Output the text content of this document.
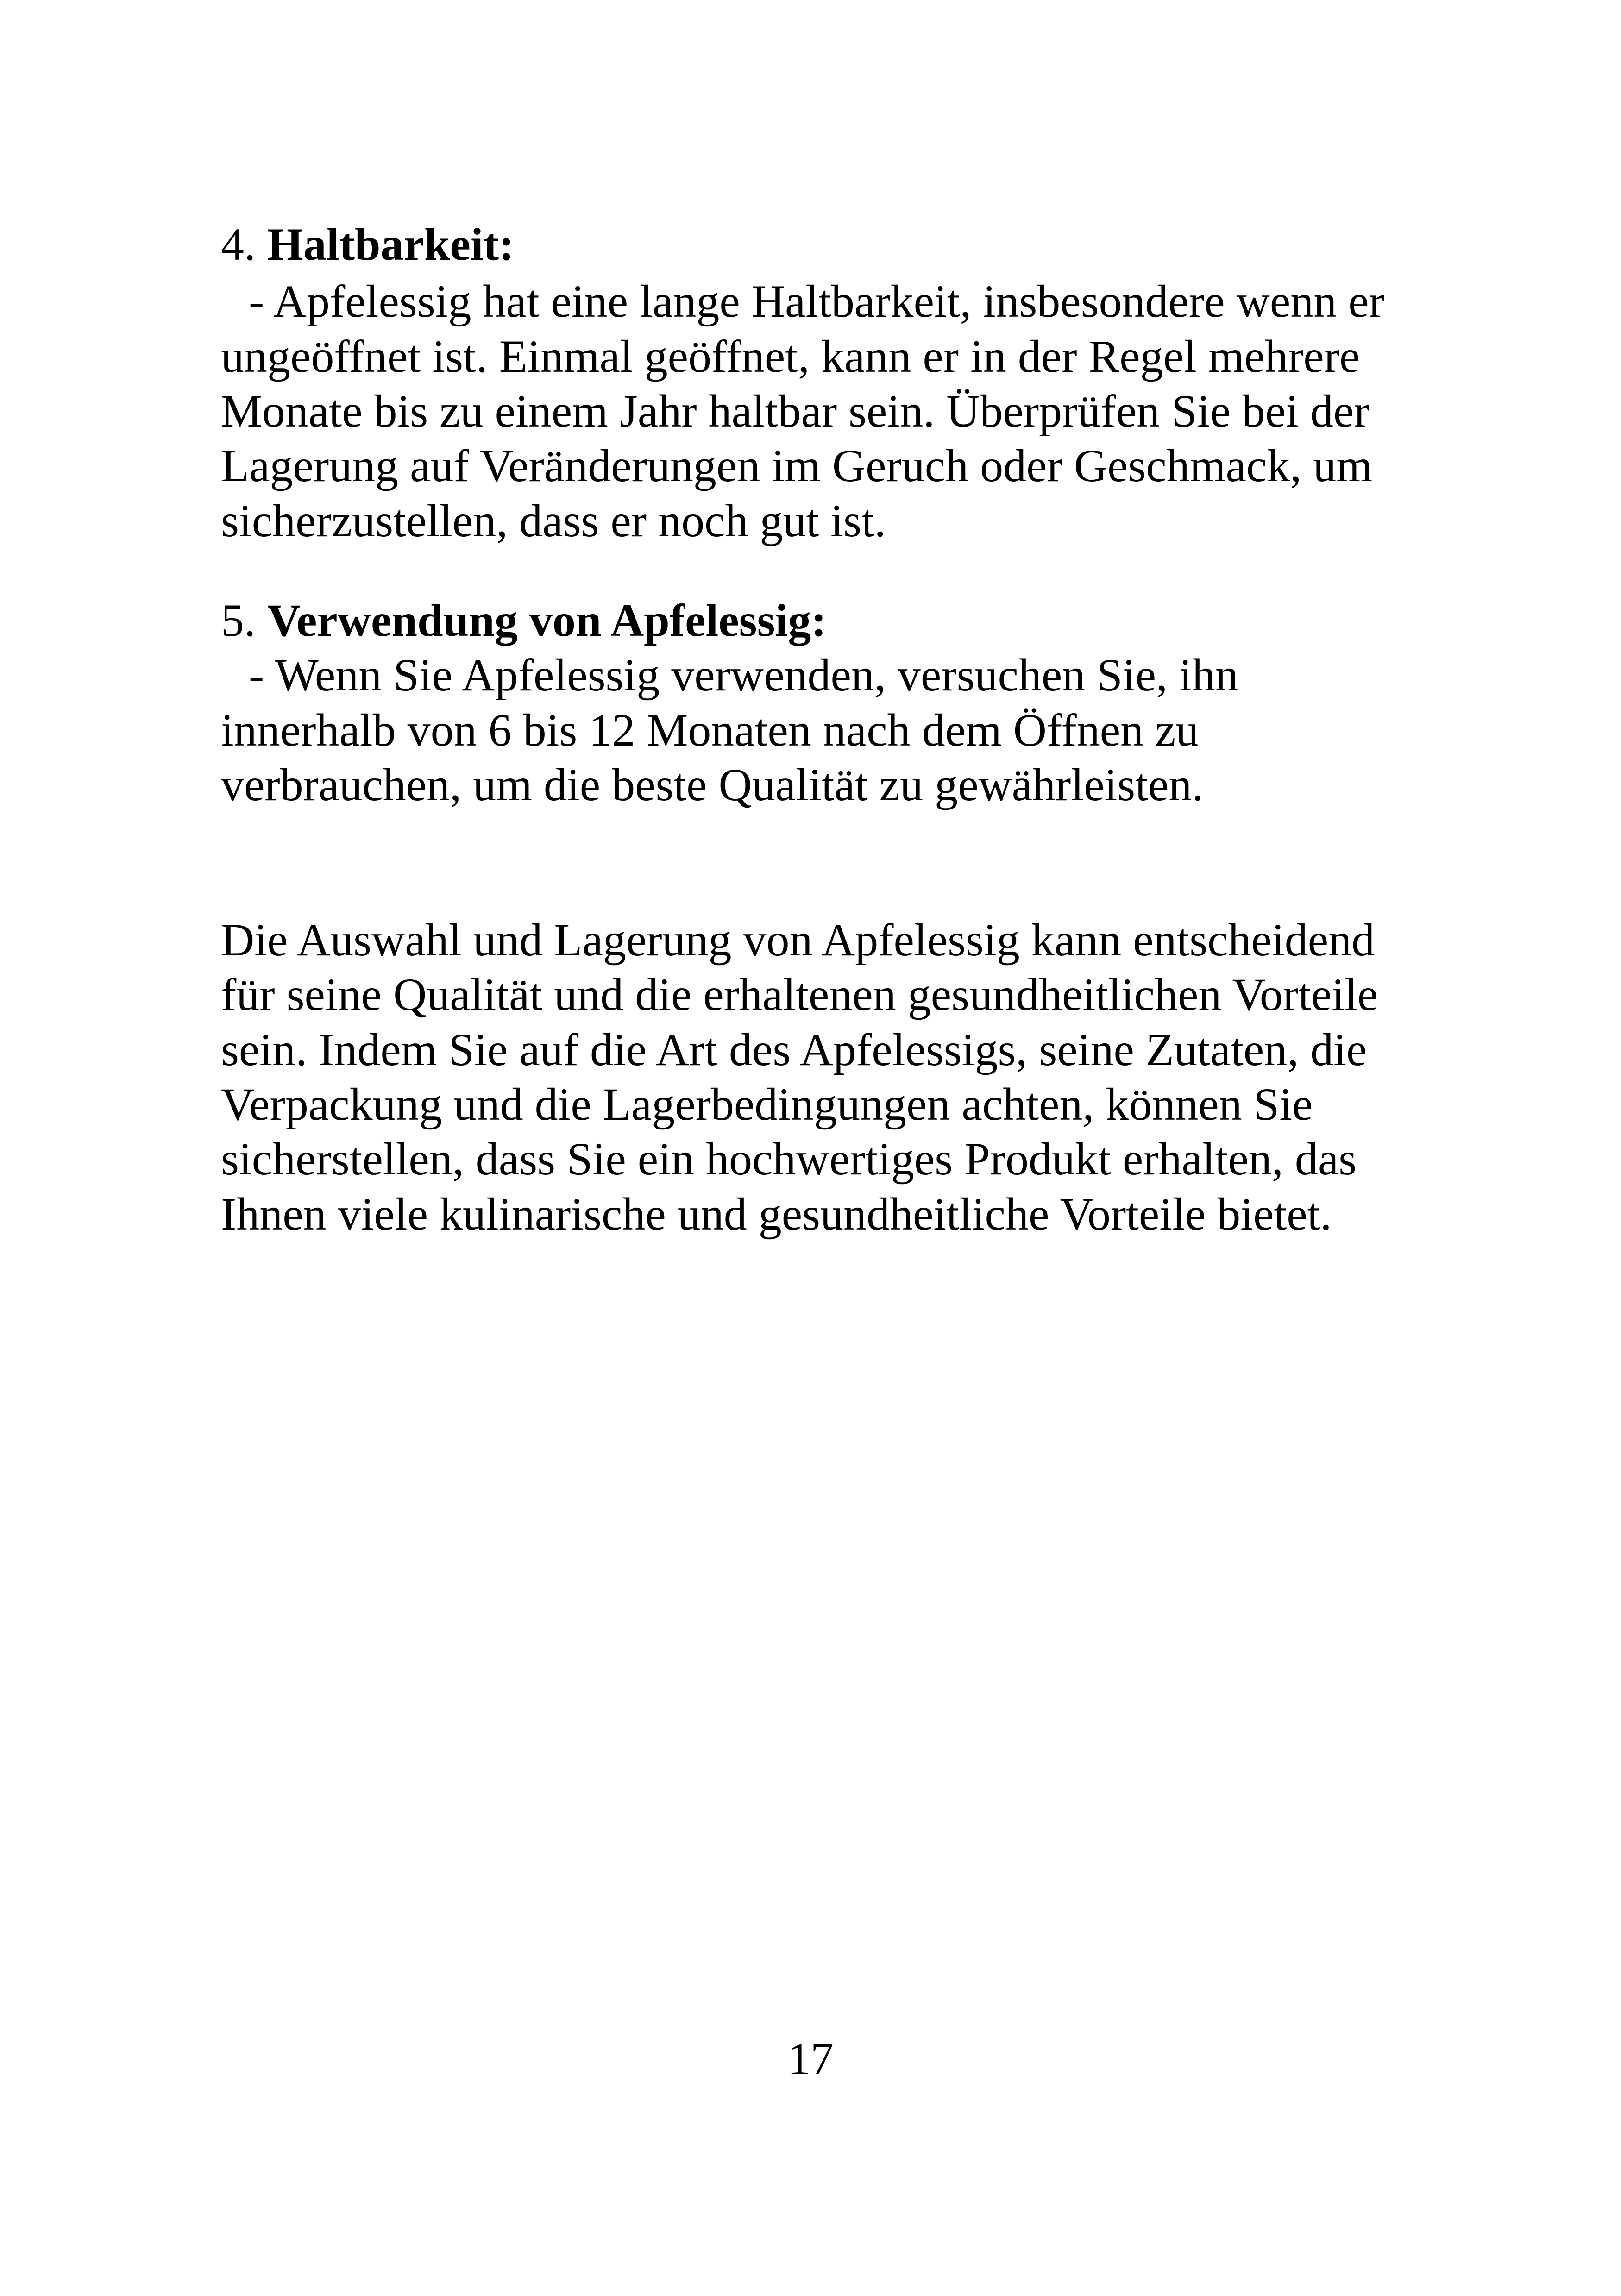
4. Haltbarkeit:
- Apfelessig hat eine lange Haltbarkeit, insbesondere wenn er
ungeöffnet ist. Einmal geöffnet, kann er in der Regel mehrere
Monate bis zu einem Jahr haltbar sein. Überprüfen Sie bei der
Lagerung auf Veränderungen im Geruch oder Geschmack, um
sicherzustellen, dass er noch gut ist.
5. Verwendung von Apfelessig:
- Wenn Sie Apfelessig verwenden, versuchen Sie, ihn
innerhalb von 6 bis 12 Monaten nach dem Öffnen zu
verbrauchen, um die beste Qualität zu gewährleisten.
Die Auswahl und Lagerung von Apfelessig kann entscheidend
für seine Qualität und die erhaltenen gesundheitlichen Vorteile
sein. Indem Sie auf die Art des Apfelessigs, seine Zutaten, die
Verpackung und die Lagerbedingungen achten, können Sie
sicherstellen, dass Sie ein hochwertiges Produkt erhalten, das
Ihnen viele kulinarische und gesundheitliche Vorteile bietet.
17
